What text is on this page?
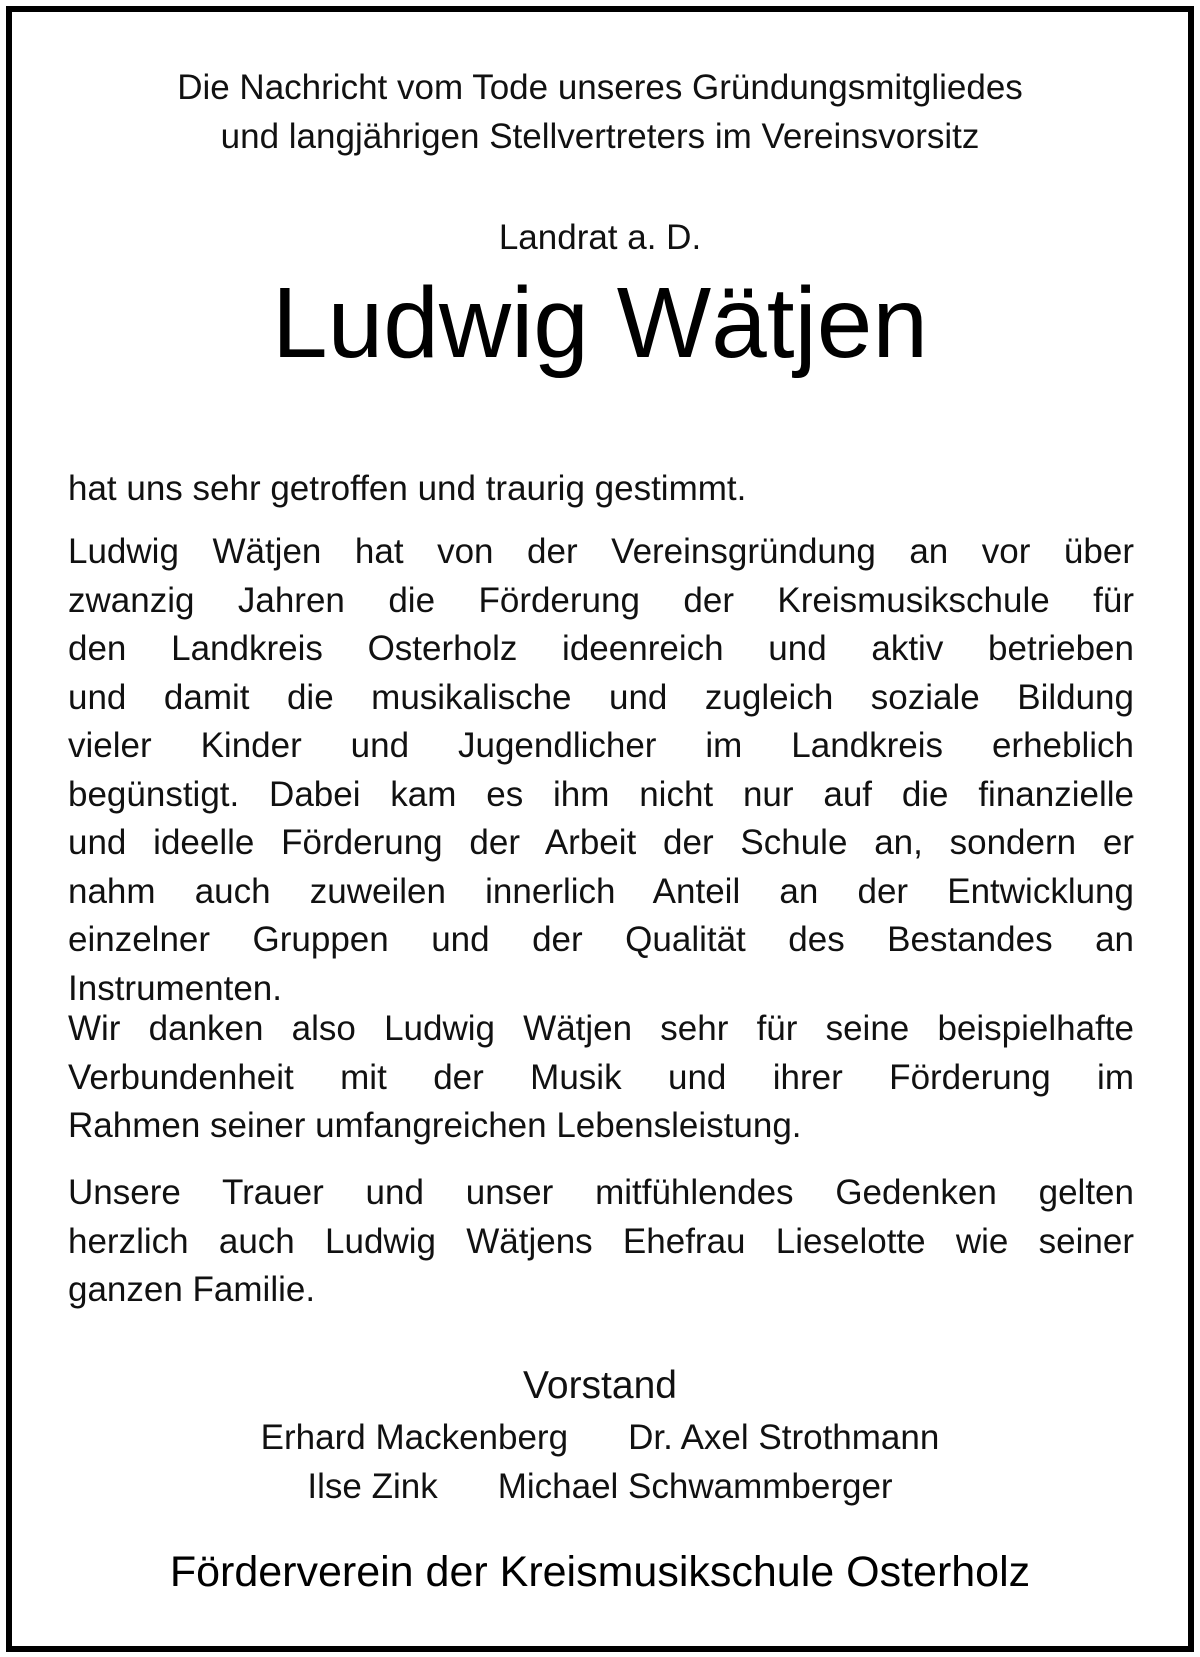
Die Nachricht vom Tode unseres Gründungsmitgliedes
und langjährigen Stellvertreters im Vereinsvorsitz
Landrat a. D.
Ludwig Wätjen
hat uns sehr getroffen und traurig gestimmt.
Ludwig Wätjen hat von der Vereinsgründung an vor über
zwanzig Jahren die Förderung der Kreismusikschule für
den Landkreis Osterholz ideenreich und aktiv betrieben
und damit die musikalische und zugleich soziale Bildung
vieler Kinder und Jugendlicher im Landkreis erheblich
begünstigt. Dabei kam es ihm nicht nur auf die finanzielle
und ideelle Förderung der Arbeit der Schule an, sondern er
nahm auch zuweilen innerlich Anteil an der Entwicklung
einzelner Gruppen und der Qualität des Bestandes an
Instrumenten.
Wir danken also Ludwig Wätjen sehr für seine beispielhafte
Verbundenheit mit der Musik und ihrer Förderung im
Rahmen seiner umfangreichen Lebensleistung.
Unsere Trauer und unser mitfühlendes Gedenken gelten
herzlich auch Ludwig Wätjens Ehefrau Lieselotte wie seiner
ganzen Familie.
Vorstand
Erhard Mackenberg Dr. Axel Strothmann
Ilse Zink Michael Schwammberger
Förderverein der Kreismusikschule Osterholz
